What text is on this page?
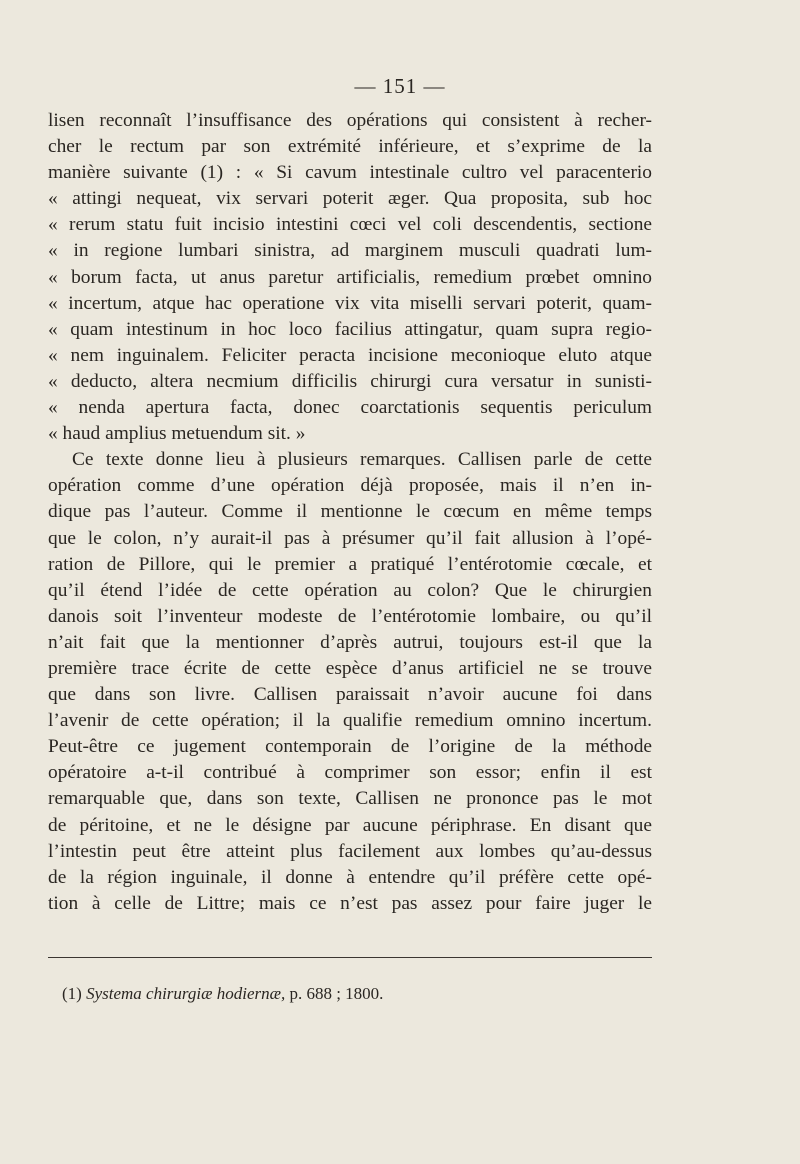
— 151 —
lisen reconnaît l’insuffisance des opérations qui consistent à recher-
cher le rectum par son extrémité inférieure, et s’exprime de la
manière suivante (1) : « Si cavum intestinale cultro vel paracenterio
« attingi nequeat, vix servari poterit æger. Qua proposita, sub hoc
« rerum statu fuit incisio intestini cœci vel coli descendentis, sectione
« in regione lumbari sinistra, ad marginem musculi quadrati lum-
« borum facta, ut anus paretur artificialis, remedium prœbet omnino
« incertum, atque hac operatione vix vita miselli servari poterit, quam-
« quam intestinum in hoc loco facilius attingatur, quam supra regio-
« nem inguinalem. Feliciter peracta incisione meconioque eluto atque
« deducto, altera necmium difficilis chirurgi cura versatur in sunisti-
« nenda apertura facta, donec coarctationis sequentis periculum
« haud amplius metuendum sit. »
Ce texte donne lieu à plusieurs remarques. Callisen parle de cette
opération comme d’une opération déjà proposée, mais il n’en in-
dique pas l’auteur. Comme il mentionne le cœcum en même temps
que le colon, n’y aurait-il pas à présumer qu’il fait allusion à l’opé-
ration de Pillore, qui le premier a pratiqué l’entérotomie cœcale, et
qu’il étend l’idée de cette opération au colon? Que le chirurgien
danois soit l’inventeur modeste de l’entérotomie lombaire, ou qu’il
n’ait fait que la mentionner d’après autrui, toujours est-il que la
première trace écrite de cette espèce d’anus artificiel ne se trouve
que dans son livre. Callisen paraissait n’avoir aucune foi dans
l’avenir de cette opération; il la qualifie remedium omnino incertum.
Peut-être ce jugement contemporain de l’origine de la méthode
opératoire a-t-il contribué à comprimer son essor; enfin il est
remarquable que, dans son texte, Callisen ne prononce pas le mot
de péritoine, et ne le désigne par aucune périphrase. En disant que
l’intestin peut être atteint plus facilement aux lombes qu’au-dessus
de la région inguinale, il donne à entendre qu’il préfère cette opé-
tion à celle de Littre; mais ce n’est pas assez pour faire juger le
(1) Systema chirurgiæ hodiernæ, p. 688 ; 1800.
